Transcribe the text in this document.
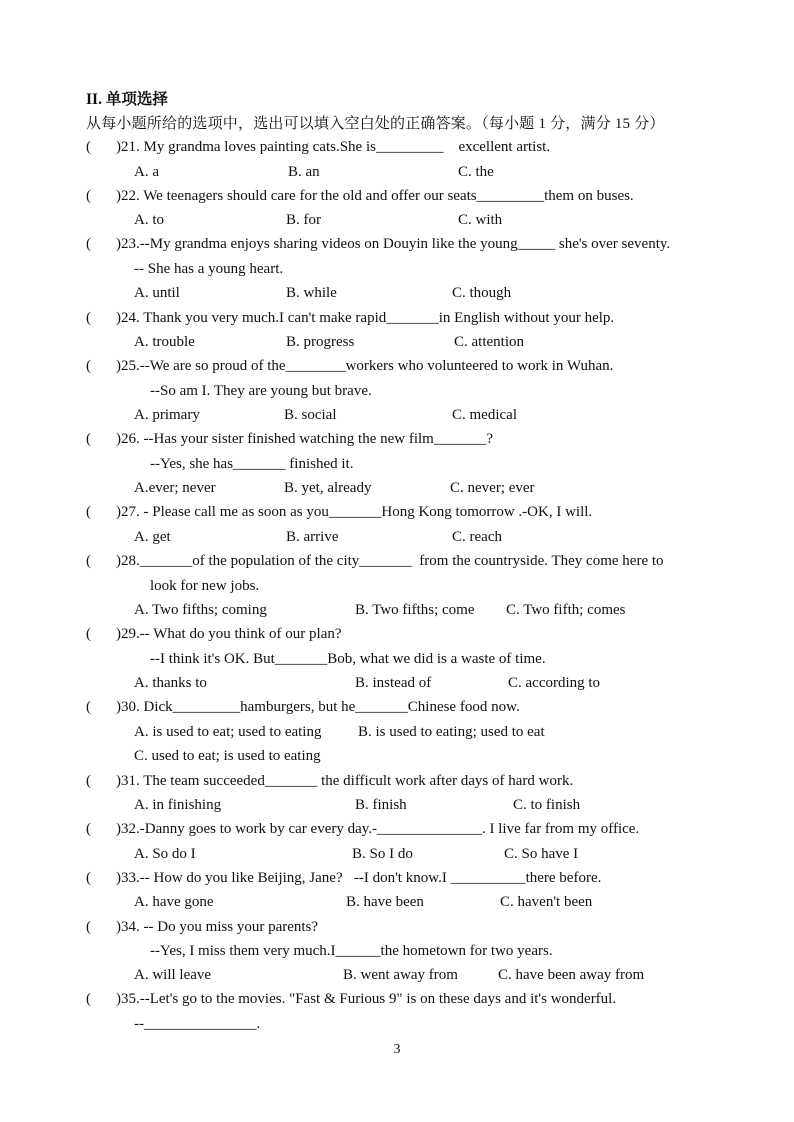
II. 单项选择

从每小题所给的选项中，选出可以填入空白处的正确答案。（每小题 1 分，满分 15 分）

(

)21. My grandma loves painting cats.She is_________    excellent artist.

A. a

	B. an

	C. the

(

)22. We teenagers should care for the old and offer our seats_________them on buses.

A. to

	B. for

	C. with

(

)23.--My grandma enjoys sharing videos on Douyin like the young_____ she's over seventy.

-- She has a young heart.

A. until

	B. while

	C. though

(

)24. Thank you very much.I can't make rapid_______in English without your help.

A. trouble

	B. progress

	C. attention

(

)25.--We are so proud of the________workers who volunteered to work in Wuhan.

--So am I. They are young but brave.

A. primary

	B. social

	C. medical

(

)26. --Has your sister finished watching the new film_______?

--Yes, she has_______ finished it.

A.ever; never

	B. yet, already

	C. never; ever

(

)27. - Please call me as soon as you_______Hong Kong tomorrow .-OK, I will.

A. get

	B. arrive

	C. reach

(

)28._______of the population of the city_______  from the countryside. They come here to

look for new jobs.

A. Two fifths; coming

	B. Two fifths; come

C. Two fifth; comes

(

)29.-- What do you think of our plan?

--I think it's OK. But_______Bob, what we did is a waste of time.

A. thanks to

	B. instead of

	C. according to

(

)30. Dick_________hamburgers, but he_______Chinese food now.

A. is used to eat; used to eating

B. is used to eating; used to eat

C. used to eat; is used to eating

(

)31. The team succeeded_______ the difficult work after days of hard work.

A. in finishing

	B. finish

	C. to finish

(

)32.-Danny goes to work by car every day.-______________. I live far from my office.

A. So do I

	B. So I do

	C. So have I

(

)33.-- How do you like Beijing, Jane?   --I don't know.I __________there before.

A. have gone

	B. have been

	C. haven't been

(

)34. -- Do you miss your parents?

--Yes, I miss them very much.I______the hometown for two years.

A. will leave

	B. went away from

	C. have been away from

(

)35.--Let's go to the movies. "Fast & Furious 9" is on these days and it's wonderful.

--_______________.

3
